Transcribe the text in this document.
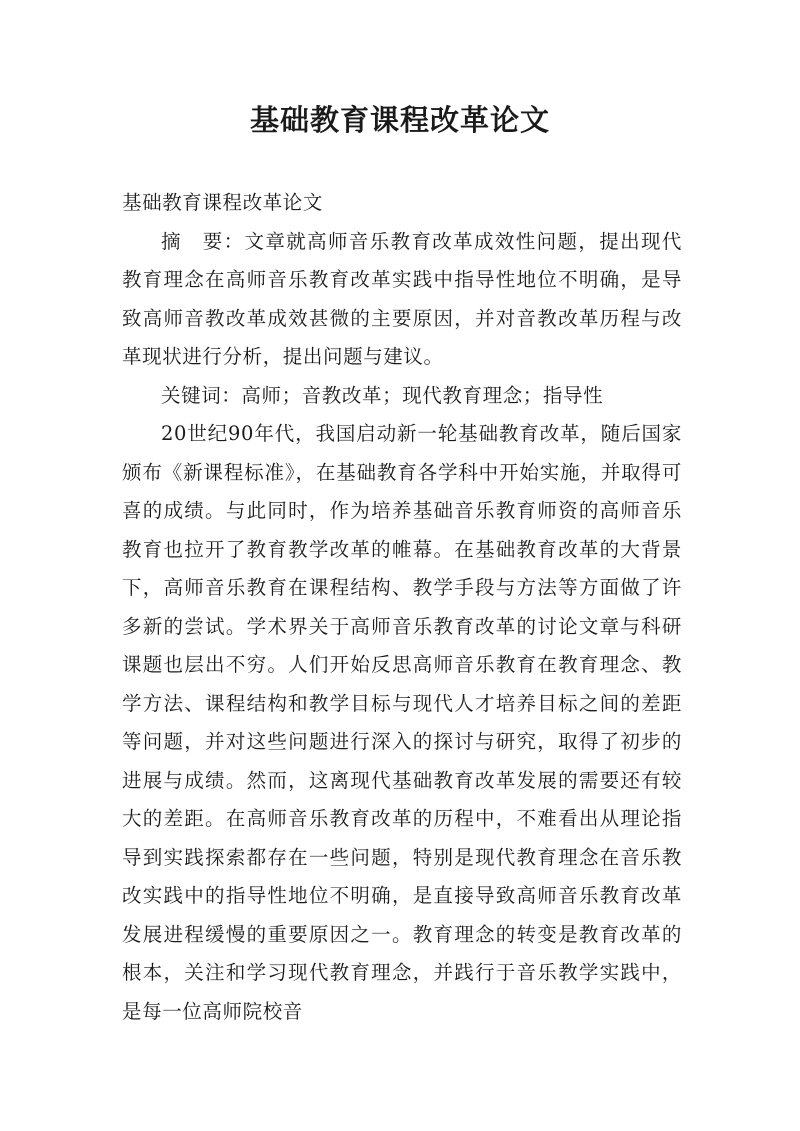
基础教育课程改革论文

基础教育课程改革论文

摘　要：文章就高师音乐教育改革成效性问题，提出现代教育理念在高师音乐教育改革实践中指导性地位不明确，是导致高师音教改革成效甚微的主要原因，并对音教改革历程与改革现状进行分析，提出问题与建议。

关键词：高师；音教改革；现代教育理念；指导性

20世纪90年代，我国启动新一轮基础教育改革，随后国家颁布《新课程标准》，在基础教育各学科中开始实施，并取得可喜的成绩。与此同时，作为培养基础音乐教育师资的高师音乐教育也拉开了教育教学改革的帷幕。在基础教育改革的大背景下，高师音乐教育在课程结构、教学手段与方法等方面做了许多新的尝试。学术界关于高师音乐教育改革的讨论文章与科研课题也层出不穷。人们开始反思高师音乐教育在教育理念、教学方法、课程结构和教学目标与现代人才培养目标之间的差距等问题，并对这些问题进行深入的探讨与研究，取得了初步的进展与成绩。然而，这离现代基础教育改革发展的需要还有较大的差距。在高师音乐教育改革的历程中，不难看出从理论指导到实践探索都存在一些问题，特别是现代教育理念在音乐教改实践中的指导性地位不明确，是直接导致高师音乐教育改革发展进程缓慢的重要原因之一。教育理念的转变是教育改革的根本，关注和学习现代教育理念，并践行于音乐教学实践中，是每一位高师院校音
